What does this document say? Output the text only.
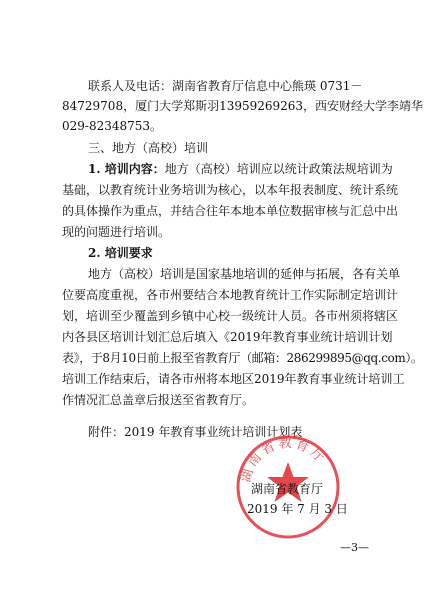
联系人及电话：湖南省教育厅信息中心熊瑛 0731－
84729708，厦门大学郑斯羽13959269263，西安财经大学李靖华
029-82348753。
三、地方（高校）培训
1. 培训内容：地方（高校）培训应以统计政策法规培训为
基础，以教育统计业务培训为核心，以本年报表制度、统计系统
的具体操作为重点，并结合往年本地本单位数据审核与汇总中出
现的问题进行培训。
2. 培训要求
地方（高校）培训是国家基地培训的延伸与拓展，各有关单
位要高度重视，各市州要结合本地教育统计工作实际制定培训计
划，培训至少覆盖到乡镇中心校一级统计人员。各市州须将辖区
内各县区培训计划汇总后填入《2019年教育事业统计培训计划
表》，于8月10日前上报至省教育厅（邮箱：286299895@qq.com）。
培训工作结束后，请各市州将本地区2019年教育事业统计培训工
作情况汇总盖章后报送至省教育厅。
附件：2019 年教育事业统计培训计划表
湖南省教育厅
湖南省教育厅
2019 年 7 月 3 日
—3—
